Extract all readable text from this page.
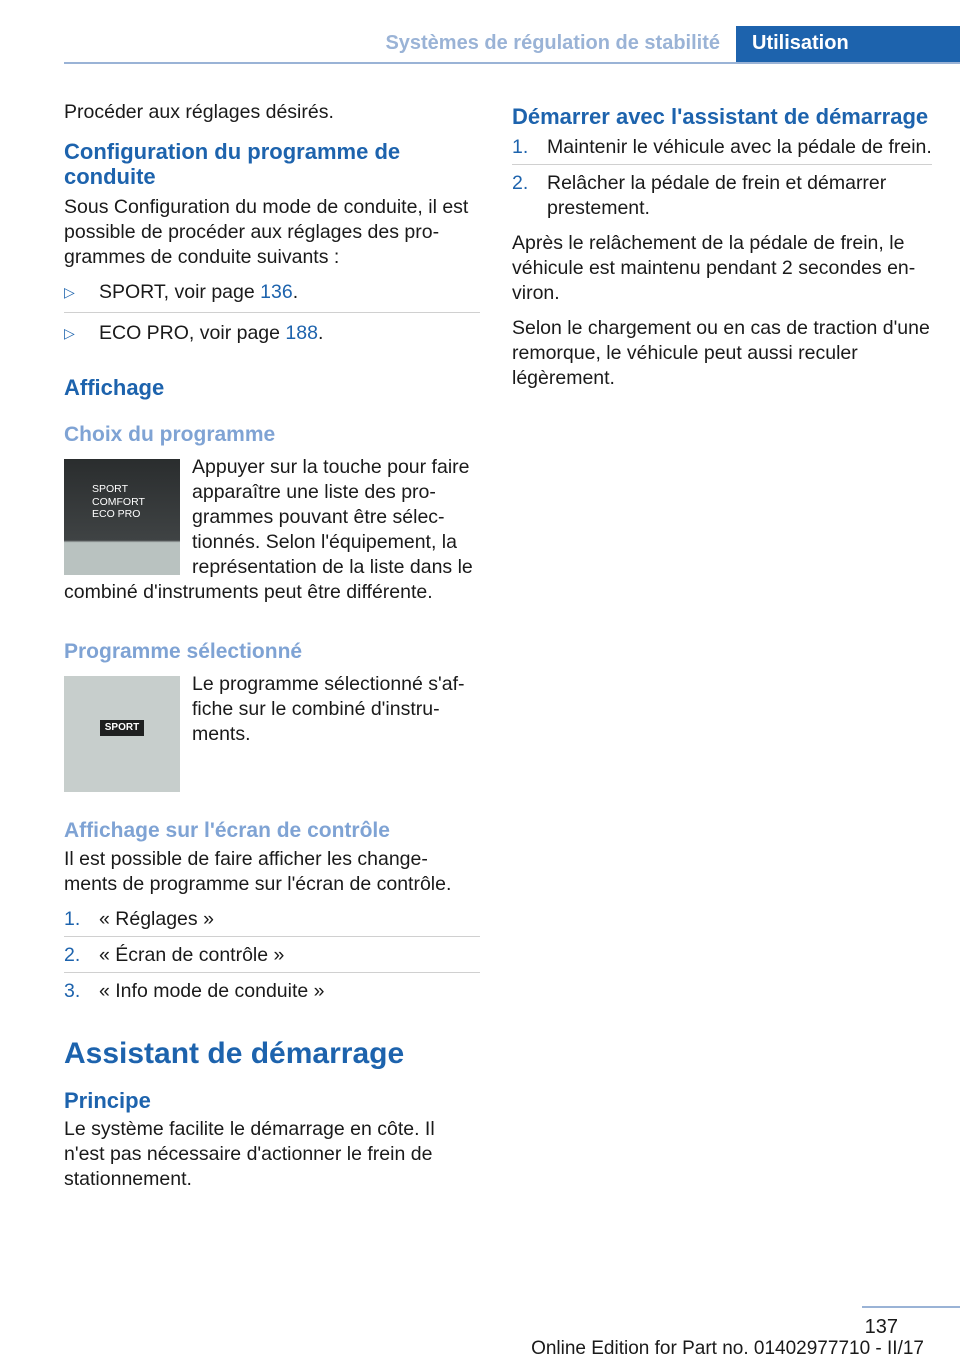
Systèmes de régulation de stabilité	Utilisation

Procéder aux réglages désirés.

Configuration du programme de conduite

Sous Configuration du mode de conduite, il est possible de procéder aux réglages des pro‐grammes de conduite suivants :

▷ SPORT, voir page 136.
▷ ECO PRO, voir page 188.
Affichage
Choix du programme
SPORT
COMFORT
ECO PRO

Appuyer sur la touche pour faire apparaître une liste des pro‐grammes pouvant être sélec‐tionnés. Selon l'équipement, la représentation de la liste dans le combiné d'instruments peut être différente.

Programme sélectionné
SPORT

Le programme sélectionné s'af‐fiche sur le combiné d'instru‐ments.

Affichage sur l'écran de contrôle

Il est possible de faire afficher les change‐ments de programme sur l'écran de contrôle.

1. « Réglages »
2. « Écran de contrôle »
3. « Info mode de conduite »
Assistant de démarrage
Principe

Le système facilite le démarrage en côte. Il n'est pas nécessaire d'actionner le frein de stationnement.

Démarrer avec l'assistant de démarrage
1. Maintenir le véhicule avec la pédale de frein.
2. Relâcher la pédale de frein et démarrer prestement.

Après le relâchement de la pédale de frein, le véhicule est maintenu pendant 2 secondes en‐viron.

Selon le chargement ou en cas de traction d'une remorque, le véhicule peut aussi reculer légèrement.

137
Online Edition for Part no. 01402977710 - II/17
